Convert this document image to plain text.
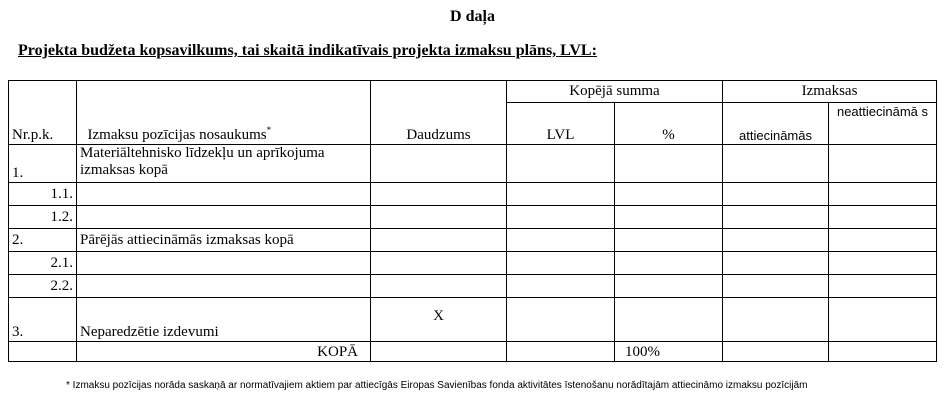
D daļa
Projekta budžeta kopsavilkums, tai skaitā indikatīvais projekta izmaksu plāns, LVL:
Nr.p.k.	Izmaksu pozīcijas nosaukums*	Daudzums	Kopējā summa		Izmaksas	
			LVL	%	attiecināmās	neattiecināmā s
1.	Materiāltehnisko līdzekļu un aprīkojuma izmaksas kopā					
1.1.						
1.2.						
2.	Pārējās attiecināmās izmaksas kopā					
2.1.						
2.2.						
3.	Neparedzētie izdevumi	X				
	KOPĀ			100%		
* Izmaksu pozīcijas norāda saskaņā ar normatīvajiem aktiem par attiecīgās Eiropas Savienības fonda aktivitātes īstenošanu norādītajām attiecināmo izmaksu pozīcijām
